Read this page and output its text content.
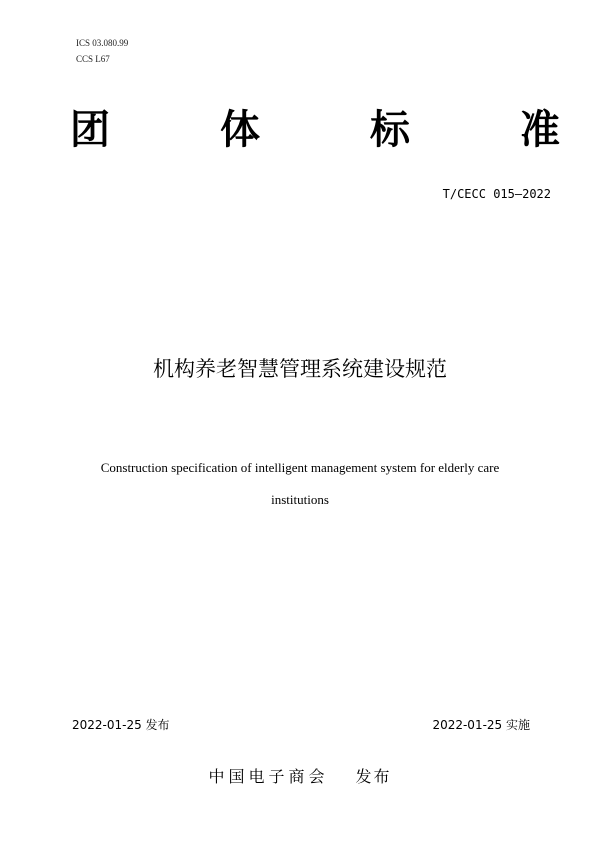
ICS 03.080.99
CCS L67
团	体	标	准
T/CECC 015—2022
机构养老智慧管理系统建设规范
Construction specification of intelligent management system for elderly care
institutions
2022-01-25 发布	2022-01-25 实施
中国电子商会 发布
